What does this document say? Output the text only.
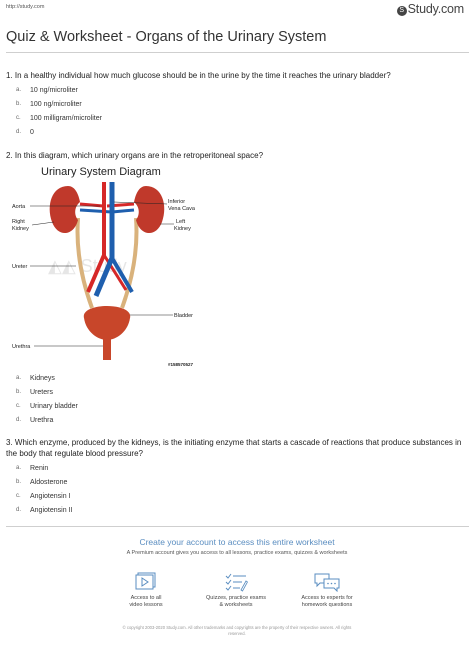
http://study.com	S Study.com
Quiz & Worksheet - Organs of the Urinary System
1. In a healthy individual how much glucose should be in the urine by the time it reaches the urinary bladder?
a.	10 ng/microliter
b.	100 ng/microliter
c.	100 milligram/microliter
d.	0
2. In this diagram, which urinary organs are in the retroperitoneal space?
Urinary System Diagram
◭◭ Study
Aorta
Right
Kidney
Ureter
Bladder
Urethra
Inferior
Vena Cava
Left
Kidney
#158570527
a.	Kidneys
b.	Ureters
c.	Urinary bladder
d.	Urethra
3. Which enzyme, produced by the kidneys, is the initiating enzyme that starts a cascade of reactions that produce substances in the body that regulate blood pressure?
a.	Renin
b.	Aldosterone
c.	Angiotensin I
d.	Angiotensin II
Create your account to access this entire worksheet
A Premium account gives you access to all lessons, practice exams, quizzes & worksheets
Access to all
video lessons
Quizzes, practice exams
& worksheets
Access to experts for
homework questions
© copyright 2003-2020 Study.com. All other trademarks and copyrights are the property of their respective owners. All rights
reserved.
